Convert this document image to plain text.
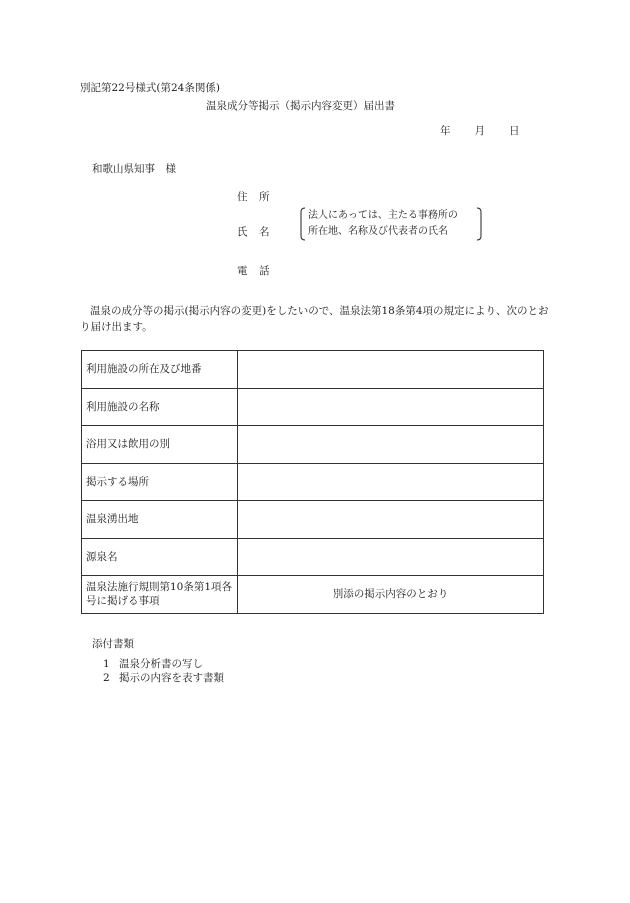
別記第22号様式(第24条関係)
温泉成分等掲示（掲示内容変更）届出書
年 月 日
和歌山県知事　様
住 所
氏 名
電 話
法人にあっては、主たる事務所の
所在地、名称及び代表者の氏名
温泉の成分等の掲示(掲示内容の変更)をしたいので、温泉法第18条第4項の規定により、次のとおり届け出ます。
利用施設の所在及び地番	
利用施設の名称	
浴用又は飲用の別	
掲示する場所	
温泉湧出地	
源泉名	
温泉法施行規則第10条第1項各号に掲げる事項	別添の掲示内容のとおり
添付書類
1 温泉分析書の写し
2 掲示の内容を表す書類
